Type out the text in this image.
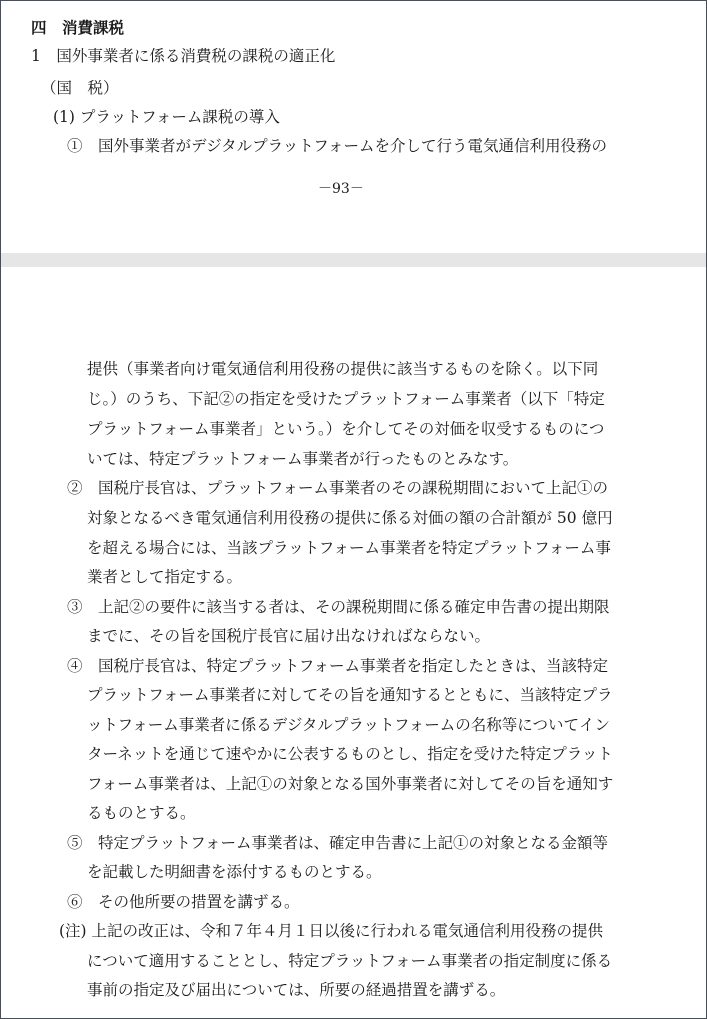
四　消費課税
1　国外事業者に係る消費税の課税の適正化
（国　税）
(1) プラットフォーム課税の導入
①　国外事業者がデジタルプラットフォームを介して行う電気通信利用役務の
－93－
提供（事業者向け電気通信利用役務の提供に該当するものを除く。以下同
じ。）のうち、下記②の指定を受けたプラットフォーム事業者（以下「特定
プラットフォーム事業者」という。）を介してその対価を収受するものにつ
いては、特定プラットフォーム事業者が行ったものとみなす。
②　国税庁長官は、プラットフォーム事業者のその課税期間において上記①の
対象となるべき電気通信利用役務の提供に係る対価の額の合計額が 50 億円
を超える場合には、当該プラットフォーム事業者を特定プラットフォーム事
業者として指定する。
③　上記②の要件に該当する者は、その課税期間に係る確定申告書の提出期限
までに、その旨を国税庁長官に届け出なければならない。
④　国税庁長官は、特定プラットフォーム事業者を指定したときは、当該特定
プラットフォーム事業者に対してその旨を通知するとともに、当該特定プラ
ットフォーム事業者に係るデジタルプラットフォームの名称等についてイン
ターネットを通じて速やかに公表するものとし、指定を受けた特定プラット
フォーム事業者は、上記①の対象となる国外事業者に対してその旨を通知す
るものとする。
⑤　特定プラットフォーム事業者は、確定申告書に上記①の対象となる金額等
を記載した明細書を添付するものとする。
⑥　その他所要の措置を講ずる。
(注) 上記の改正は、令和７年４月１日以後に行われる電気通信利用役務の提供
について適用することとし、特定プラットフォーム事業者の指定制度に係る
事前の指定及び届出については、所要の経過措置を講ずる。
